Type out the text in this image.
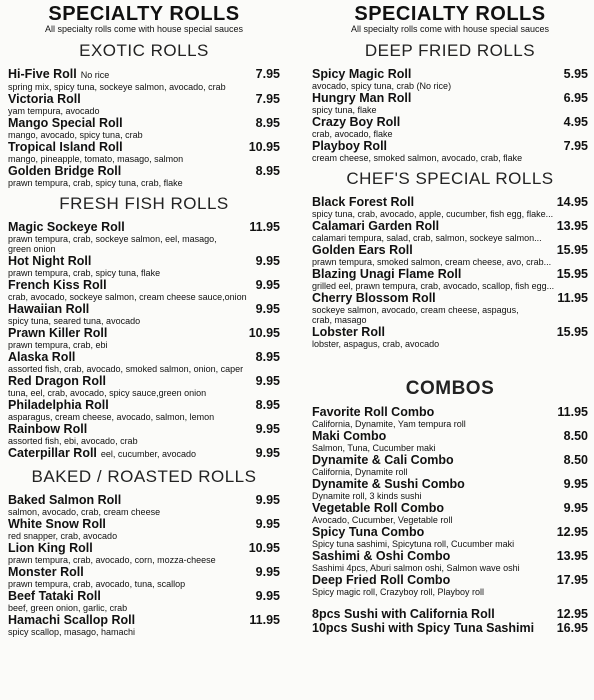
SPECIALTY ROLLS
All specialty rolls come with house special sauces
EXOTIC ROLLS
Hi-Five Roll No rice	7.95
spring mix, spicy tuna, sockeye salmon, avocado, crab
Victoria Roll	7.95
yam tempura, avocado
Mango Special Roll	8.95
mango, avocado, spicy tuna, crab
Tropical Island Roll	10.95
mango, pineapple, tomato, masago, salmon
Golden Bridge Roll	8.95
prawn tempura, crab, spicy tuna, crab, flake
FRESH FISH ROLLS
Magic Sockeye Roll	11.95
prawn tempura, crab, sockeye salmon, eel, masago,
green onion
Hot Night Roll	9.95
prawn tempura, crab, spicy tuna, flake
French Kiss Roll	9.95
crab, avocado, sockeye salmon, cream cheese sauce,onion
Hawaiian Roll	9.95
spicy tuna, seared tuna, avocado
Prawn Killer Roll	10.95
prawn tempura, crab, ebi
Alaska Roll	8.95
assorted fish, crab, avocado, smoked salmon, onion, caper
Red Dragon Roll	9.95
tuna, eel, crab, avocado, spicy sauce,green onion
Philadelphia Roll	8.95
asparagus, cream cheese, avocado, salmon, lemon
Rainbow Roll	9.95
assorted fish, ebi, avocado, crab
Caterpillar Roll eel, cucumber, avocado	9.95
BAKED / ROASTED ROLLS
Baked Salmon Roll	9.95
salmon, avocado, crab, cream cheese
White Snow Roll	9.95
red snapper, crab, avocado
Lion King Roll	10.95
prawn tempura, crab, avocado, corn, mozza-cheese
Monster Roll	9.95
prawn tempura, crab, avocado, tuna, scallop
Beef Tataki Roll	9.95
beef, green onion, garlic, crab
Hamachi Scallop Roll	11.95
spicy scallop, masago, hamachi
SPECIALTY ROLLS
All specialty rolls come with house special sauces
DEEP FRIED ROLLS
Spicy Magic Roll	5.95
avocado, spicy tuna, crab (No rice)
Hungry Man Roll	6.95
spicy tuna, flake
Crazy Boy Roll	4.95
crab, avocado, flake
Playboy Roll	7.95
cream cheese, smoked salmon, avocado, crab, flake
CHEF'S SPECIAL ROLLS
Black Forest Roll	14.95
spicy tuna, crab, avocado, apple, cucumber, fish egg, flake...
Calamari Garden Roll	13.95
calamari tempura, salad, crab, salmon, sockeye salmon...
Golden Ears Roll	15.95
prawn tempura, smoked salmon, cream cheese, avo, crab...
Blazing Unagi Flame Roll	15.95
grilled eel, prawn tempura, crab, avocado, scallop, fish egg...
Cherry Blossom Roll	11.95
sockeye salmon, avocado, cream cheese, aspagus,
crab, masago
Lobster Roll	15.95
lobster, aspagus, crab, avocado
COMBOS
Favorite Roll Combo	11.95
California, Dynamite, Yam tempura roll
Maki Combo	8.50
Salmon, Tuna, Cucumber maki
Dynamite & Cali Combo	8.50
California, Dynamite roll
Dynamite & Sushi Combo	9.95
Dynamite roll, 3 kinds sushi
Vegetable Roll Combo	9.95
Avocado, Cucumber, Vegetable roll
Spicy Tuna Combo	12.95
Spicy tuna sashimi, Spicytuna roll, Cucumber maki
Sashimi & Oshi Combo	13.95
Sashimi 4pcs, Aburi salmon oshi, Salmon wave oshi
Deep Fried Roll Combo	17.95
Spicy magic roll, Crazyboy roll, Playboy roll
8pcs Sushi with California Roll	12.95
10pcs Sushi with Spicy Tuna Sashimi 16.95
